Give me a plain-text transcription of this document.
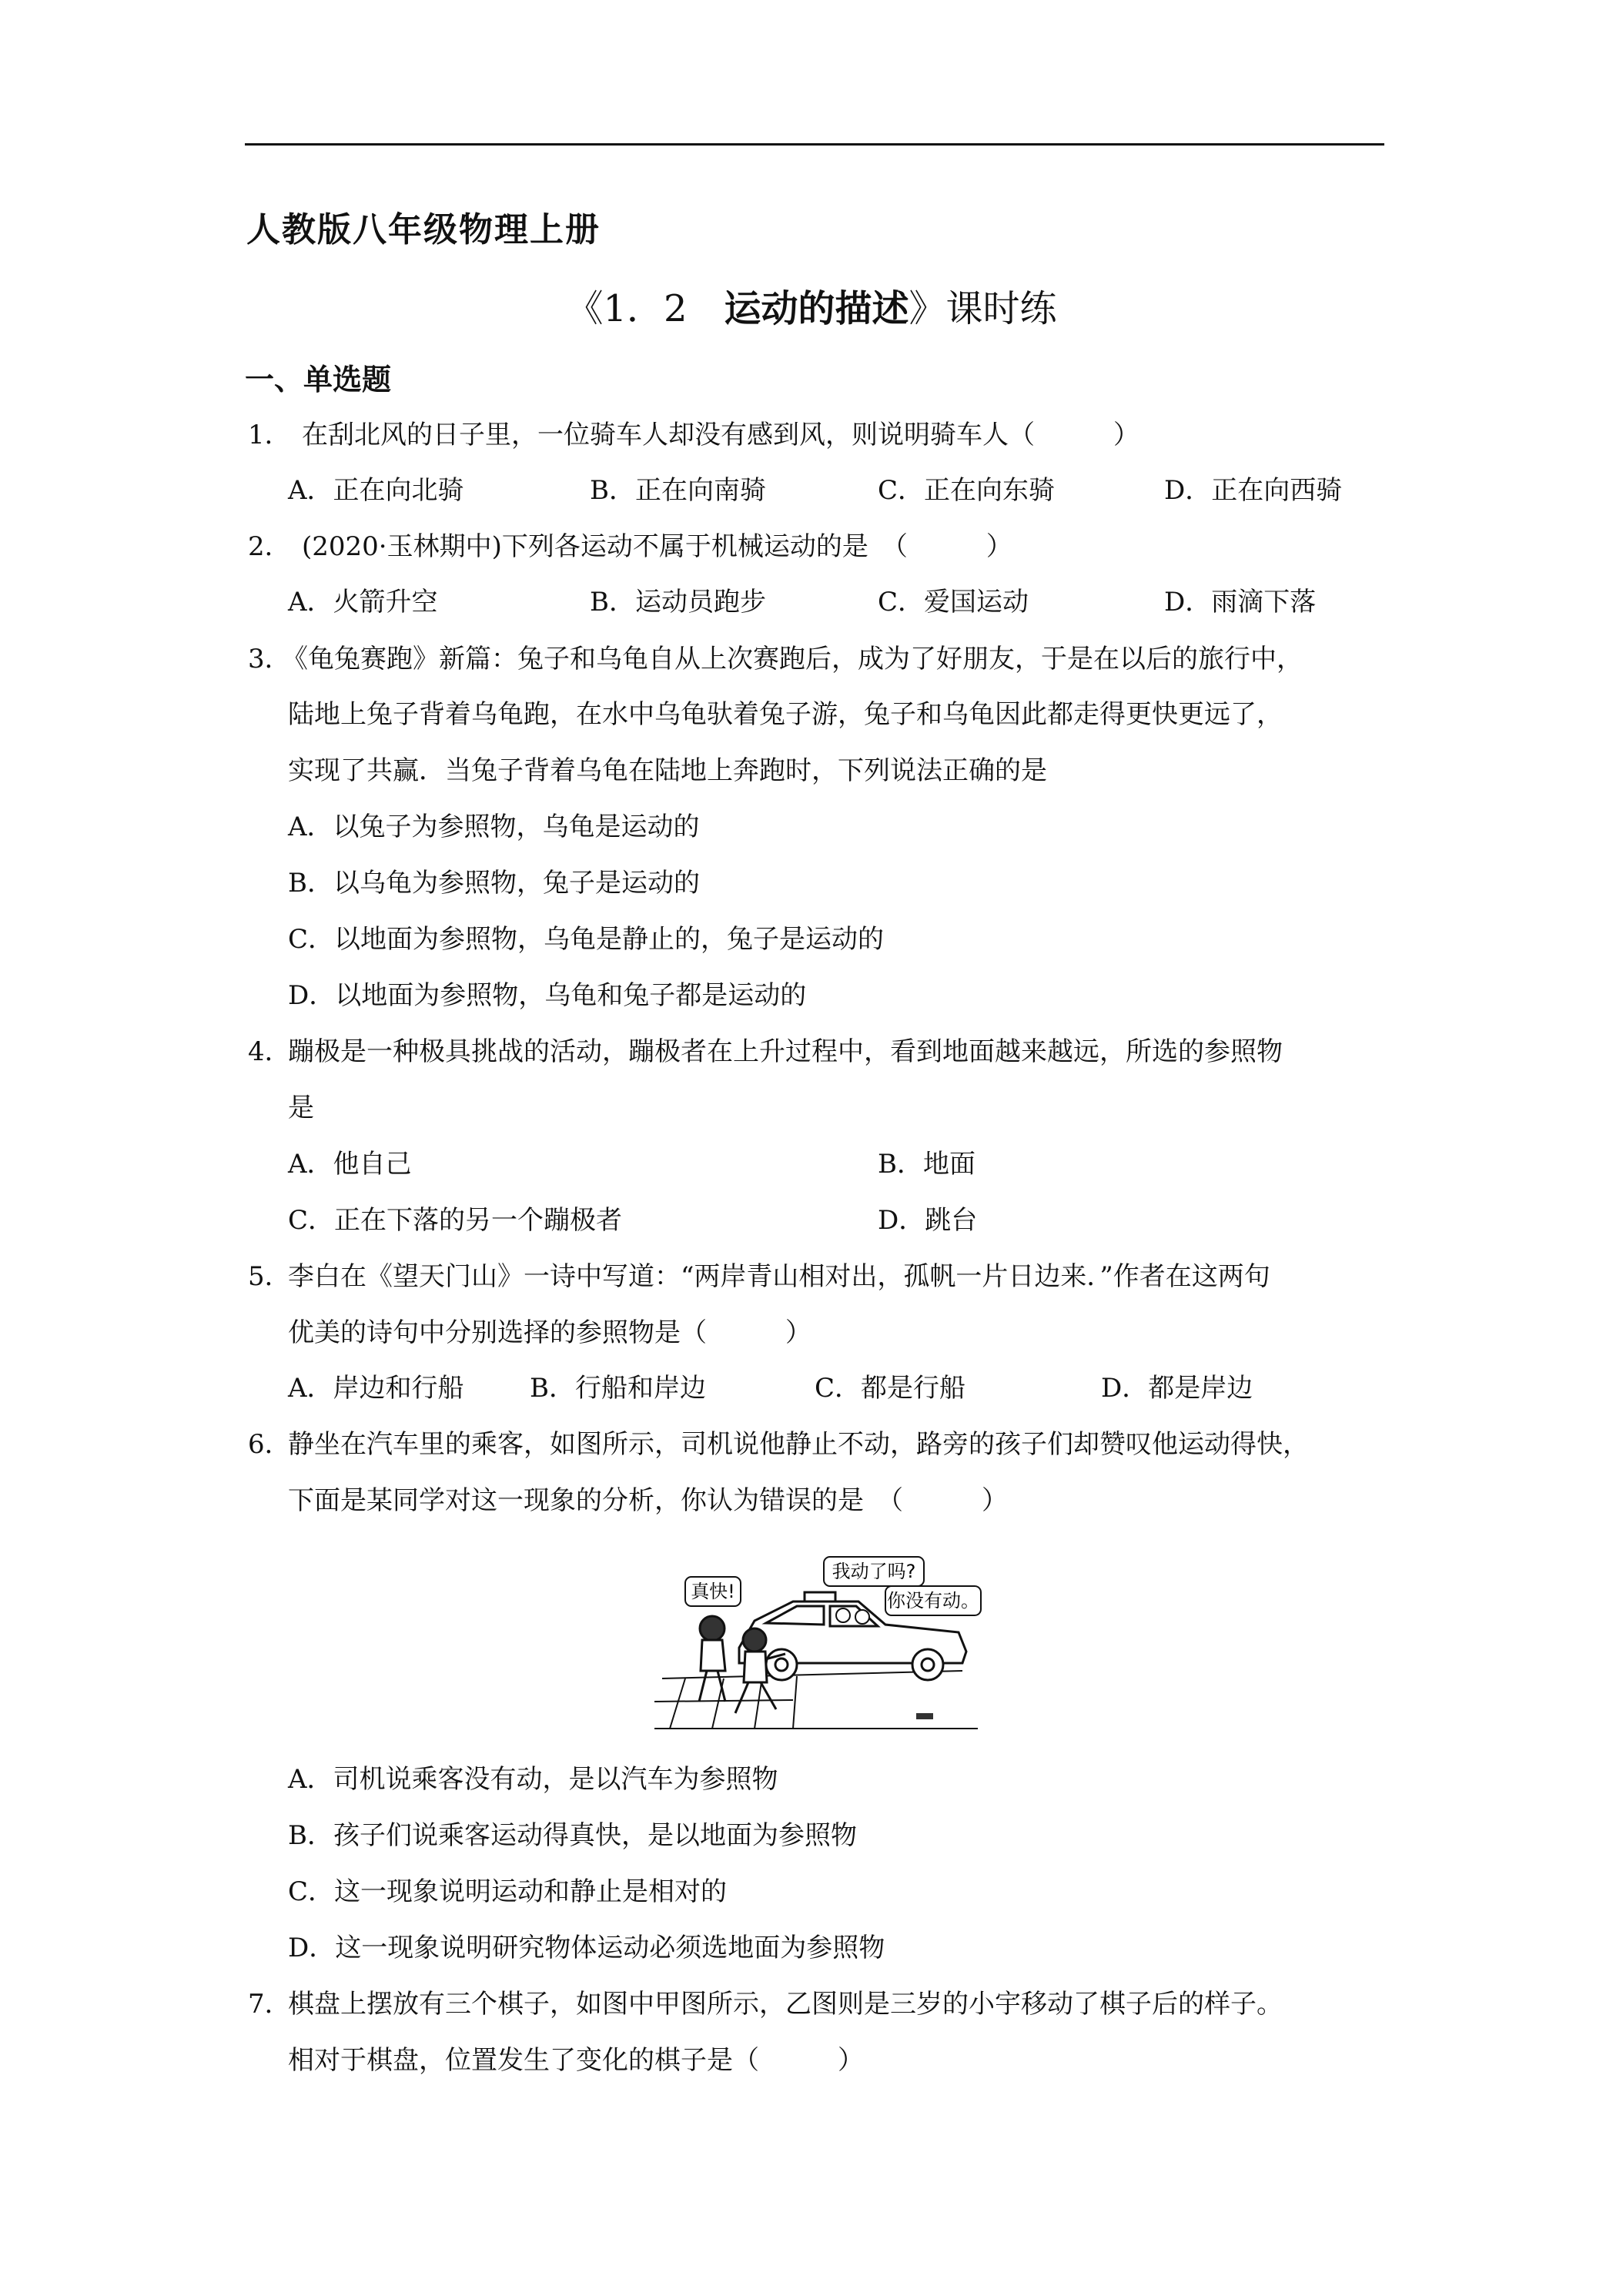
人教版八年级物理上册
《1．2　运动的描述》课时练
一、单选题
1． 在刮北风的日子里，一位骑车人却没有感到风，则说明骑车人（　　　）
A．正在向北骑	B．正在向南骑	C．正在向东骑	D．正在向西骑
2． (2020·玉林期中)下列各运动不属于机械运动的是　（　　　）
A．火箭升空	B．运动员跑步	C．爱国运动	D．雨滴下落
3．
《龟兔赛跑》新篇：兔子和乌龟自从上次赛跑后，成为了好朋友，于是在以后的旅行中，
陆地上兔子背着乌龟跑，在水中乌龟驮着兔子游，兔子和乌龟因此都走得更快更远了，
实现了共赢．当兔子背着乌龟在陆地上奔跑时，下列说法正确的是
A．以兔子为参照物，乌龟是运动的
B．以乌龟为参照物，兔子是运动的
C．以地面为参照物，乌龟是静止的，兔子是运动的
D．以地面为参照物，乌龟和兔子都是运动的
4．
蹦极是一种极具挑战的活动，蹦极者在上升过程中，看到地面越来越远，所选的参照物
是
A．他自己	B．地面
C．正在下落的另一个蹦极者	D．跳台
5．
李白在《望天门山》一诗中写道：“两岸青山相对出，孤帆一片日边来．”作者在这两句
优美的诗句中分别选择的参照物是（　　　）
A．岸边和行船	B．行船和岸边	C．都是行船	D．都是岸边
6．
静坐在汽车里的乘客，如图所示，司机说他静止不动，路旁的孩子们却赞叹他运动得快，
下面是某同学对这一现象的分析，你认为错误的是　（　　　）
真快!
我动了吗?
你没有动。
A．司机说乘客没有动，是以汽车为参照物
B．孩子们说乘客运动得真快，是以地面为参照物
C．这一现象说明运动和静止是相对的
D．这一现象说明研究物体运动必须选地面为参照物
7．
棋盘上摆放有三个棋子，如图中甲图所示，乙图则是三岁的小宇移动了棋子后的样子。
相对于棋盘，位置发生了变化的棋子是（　　　）
